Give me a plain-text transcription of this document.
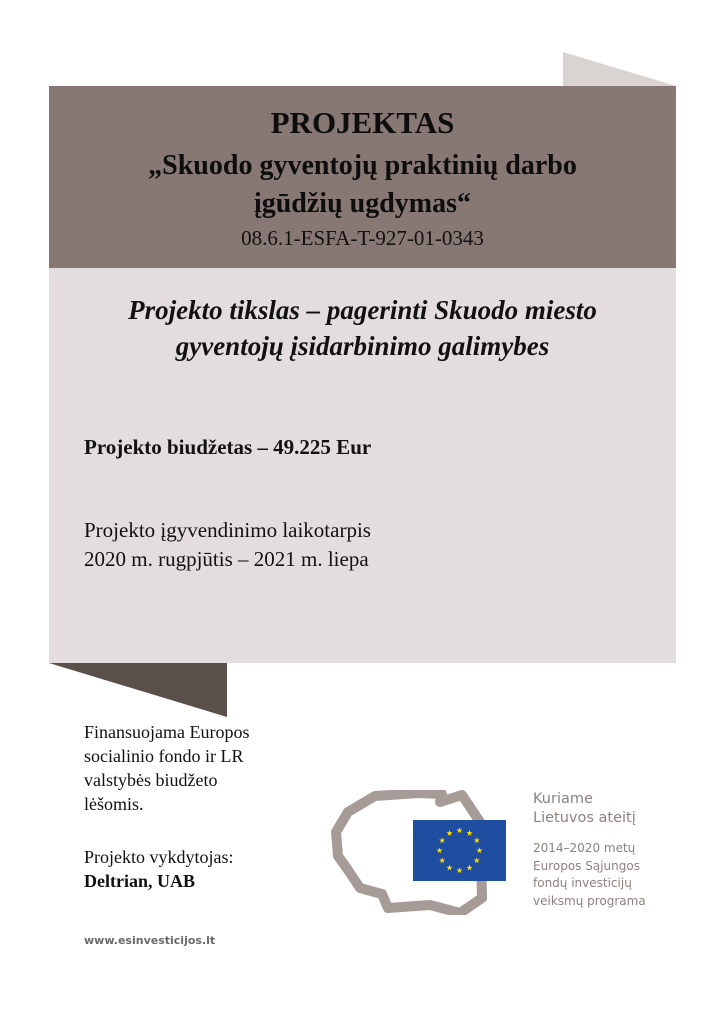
PROJEKTAS
„Skuodo gyventojų praktinių darbo
įgūdžių ugdymas“
08.6.1-ESFA-T-927-01-0343
Projekto tikslas – pagerinti Skuodo miesto
gyventojų įsidarbinimo galimybes
Projekto biudžetas – 49.225 Eur
Projekto įgyvendinimo laikotarpis
2020 m. rugpjūtis – 2021 m. liepa
Finansuojama Europos
socialinio fondo ir LR
valstybės biudžeto
lėšomis.
Projekto vykdytojas:
Deltrian, UAB
www.esinvesticijos.lt
Kuriame
Lietuvos ateitį
2014–2020 metų
Europos Sąjungos
fondų investicijų
veiksmų programa
